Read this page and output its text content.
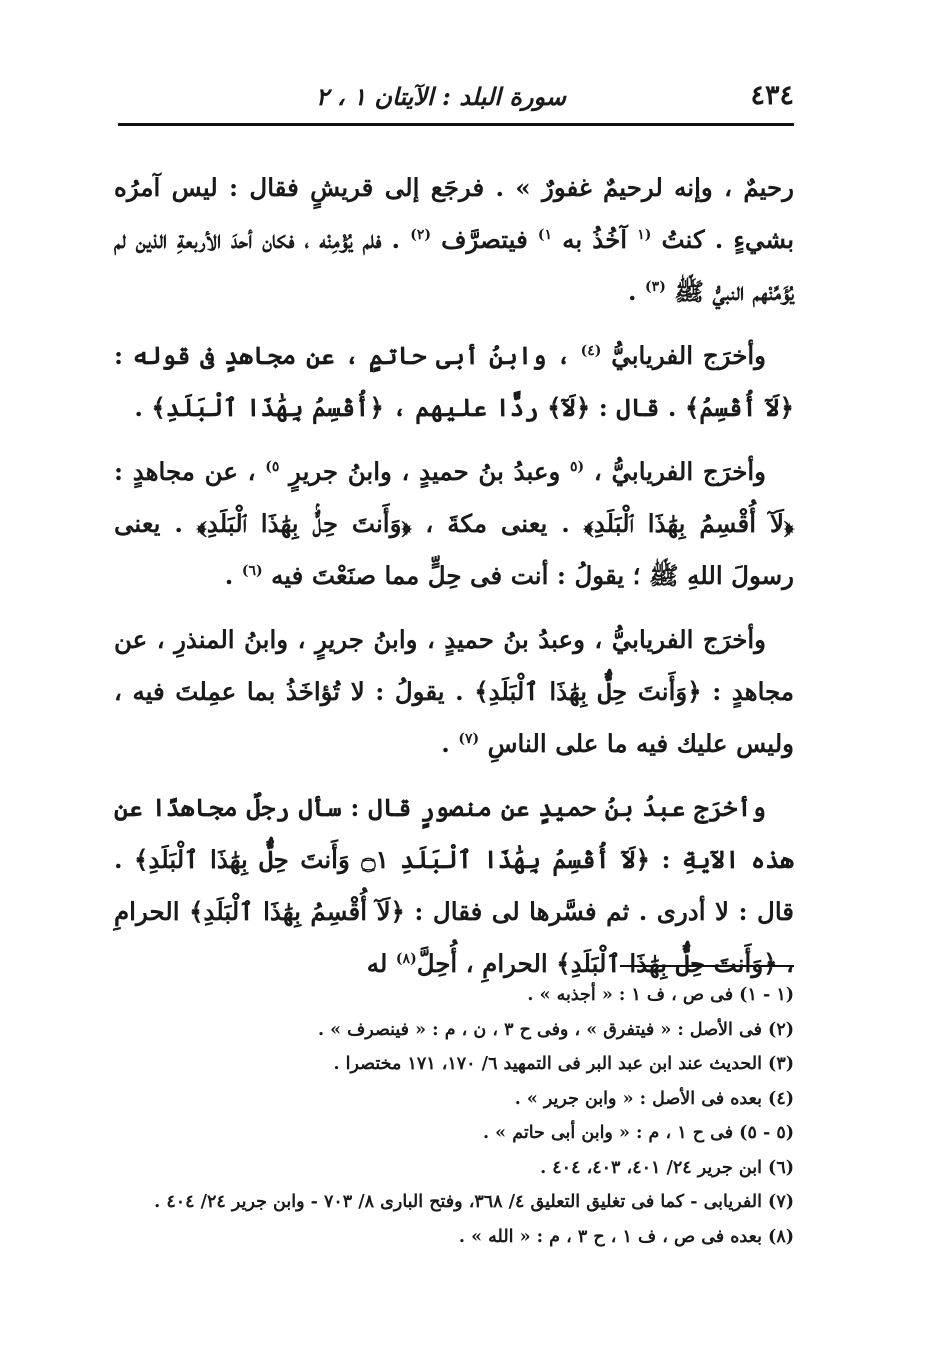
٤٣٤
سورة البلد : الآيتان ١ ، ٢

رحيمٌ ، وإنه لرحيمٌ غفورٌ » . فرجَع إلى قريشٍ فقال : ليس آمرُه بشيءٍ . كنتُ $^{(١}$ آخُذُ به $^{١)}$ فيتصرَّف $^{(٢)}$ . فلم يُؤْمِنْه ، فكان أحدَ الأربعةِ الذين لم يُؤَمِّنْهم النبيُّ ﷺ $^{(٣)}$ .

وأخرَج الفريابيُّ $^{(٤)}$ ، وابنُ أبى حاتمٍ ، عن مجاهدٍ فى قوله : ﴿لَآ أُقْسِمُ﴾ . قال : ﴿لَآ﴾ ردًّا عليهم ، ﴿أُقْسِمُ بِهَٰذَا ٱلْبَلَدِ﴾ .

وأخرَج الفريابيُّ ، $^{(٥}$ وعبدُ بنُ حميدٍ ، وابنُ جريرٍ $^{٥)}$ ، عن مجاهدٍ : ﴿لَآ أُقْسِمُ بِهَٰذَا ٱلْبَلَدِ﴾ . يعنى مكةَ ، ﴿وَأَنتَ حِلٌّۢ بِهَٰذَا ٱلْبَلَدِ﴾ . يعنى رسولَ اللهِ ﷺ ؛ يقولُ : أنت فى حِلٍّ مما صنَعْتَ فيه $^{(٦)}$ .

وأخرَج الفريابيُّ ، وعبدُ بنُ حميدٍ ، وابنُ جريرٍ ، وابنُ المنذرِ ، عن مجاهدٍ : ﴿وَأَنتَ حِلٌّۢ بِهَٰذَا ٱلْبَلَدِ﴾ . يقولُ : لا تُؤاخَذُ بما عمِلتَ فيه ، وليس عليك فيه ما على الناسِ $^{(٧)}$ .

وأخرَج عبدُ بنُ حميدٍ عن منصورٍ قال : سأل رجلٌ مجاهدًا عن هذه الآيةِ : ﴿لَآ أُقْسِمُ بِهَٰذَا ٱلْبَلَدِ ۝١ وَأَنتَ حِلٌّۢ بِهَٰذَا ٱلْبَلَدِ﴾ . قال : لا أدرى . ثم فسَّرها لى فقال : ﴿لَآ أُقْسِمُ بِهَٰذَا ٱلْبَلَدِ﴾ الحرامِ ، ﴿وَأَنتَ حِلٌّۢ بِهَٰذَا ٱلْبَلَدِ﴾ الحرامِ ، أُحِلَّ$^{(٨)}$ له

(١ - ١) فى ص ، ف ١ : « أجذبه » .
(٢) فى الأصل : « فيتفرق » ، وفى ح ٣ ، ن ، م : « فينصرف » .
(٣) الحديث عند ابن عبد البر فى التمهيد ٦/ ١٧٠، ١٧١ مختصرا .
(٤) بعده فى الأصل : « وابن جرير » .
(٥ - ٥) فى ح ١ ، م : « وابن أبى حاتم » .
(٦) ابن جرير ٢٤/ ٤٠١، ٤٠٣، ٤٠٤ .
(٧) الفريابى - كما فى تغليق التعليق ٤/ ٣٦٨، وفتح البارى ٨/ ٧٠٣ - وابن جرير ٢٤/ ٤٠٤ .
(٨) بعده فى ص ، ف ١ ، ح ٣ ، م : « الله » .
